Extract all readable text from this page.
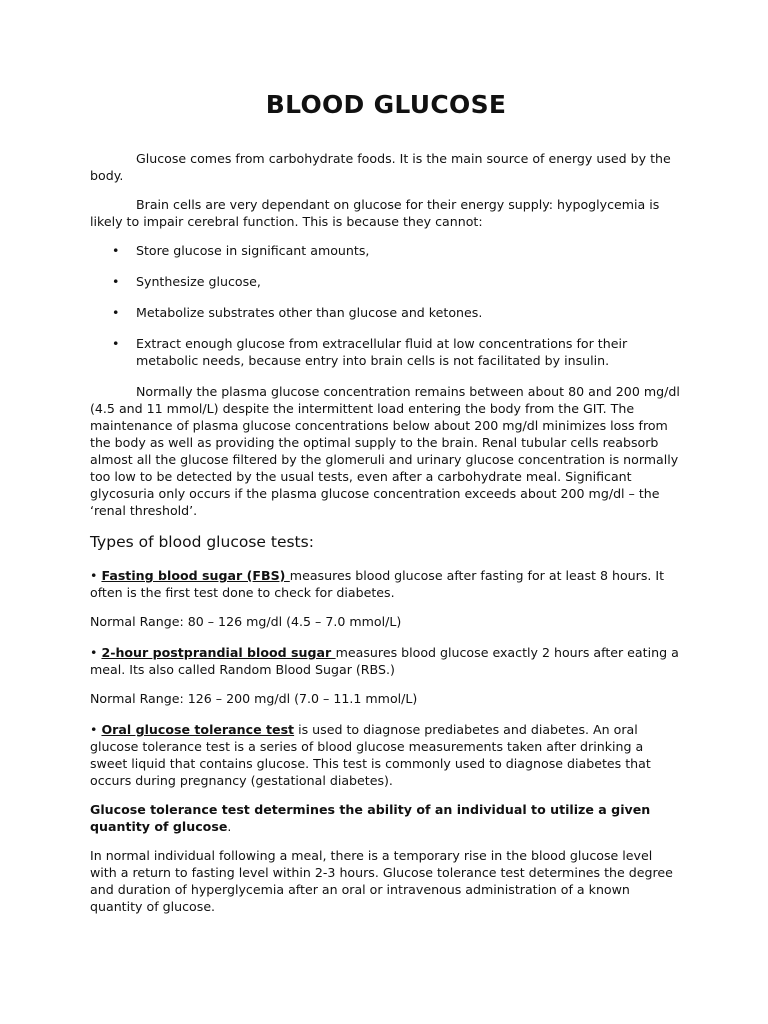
BLOOD GLUCOSE

Glucose comes from carbohydrate foods. It is the main source of energy used by the body.

Brain cells are very dependant on glucose for their energy supply: hypoglycemia is likely to impair cerebral function. This is because they cannot:

• Store glucose in significant amounts,
• Synthesize glucose,
• Metabolize substrates other than glucose and ketones.
• Extract enough glucose from extracellular fluid at low concentrations for their metabolic needs, because entry into brain cells is not facilitated by insulin.

Normally the plasma glucose concentration remains between about 80 and 200 mg/dl (4.5 and 11 mmol/L) despite the intermittent load entering the body from the GIT. The maintenance of plasma glucose concentrations below about 200 mg/dl minimizes loss from the body as well as providing the optimal supply to the brain. Renal tubular cells reabsorb almost all the glucose filtered by the glomeruli and urinary glucose concentration is normally too low to be detected by the usual tests, even after a carbohydrate meal. Significant glycosuria only occurs if the plasma glucose concentration exceeds about 200 mg/dl – the ‘renal threshold’.

Types of blood glucose tests:

• Fasting blood sugar (FBS) measures blood glucose after fasting for at least 8 hours. It often is the first test done to check for diabetes.

Normal Range: 80 – 126 mg/dl (4.5 – 7.0 mmol/L)

• 2-hour postprandial blood sugar measures blood glucose exactly 2 hours after eating a meal. Its also called Random Blood Sugar (RBS.)

Normal Range: 126 – 200 mg/dl (7.0 – 11.1 mmol/L)

• Oral glucose tolerance test is used to diagnose prediabetes and diabetes. An oral glucose tolerance test is a series of blood glucose measurements taken after drinking a sweet liquid that contains glucose. This test is commonly used to diagnose diabetes that occurs during pregnancy (gestational diabetes).

Glucose tolerance test determines the ability of an individual to utilize a given quantity of glucose.

In normal individual following a meal, there is a temporary rise in the blood glucose level with a return to fasting level within 2-3 hours. Glucose tolerance test determines the degree and duration of hyperglycemia after an oral or intravenous administration of a known quantity of glucose.
